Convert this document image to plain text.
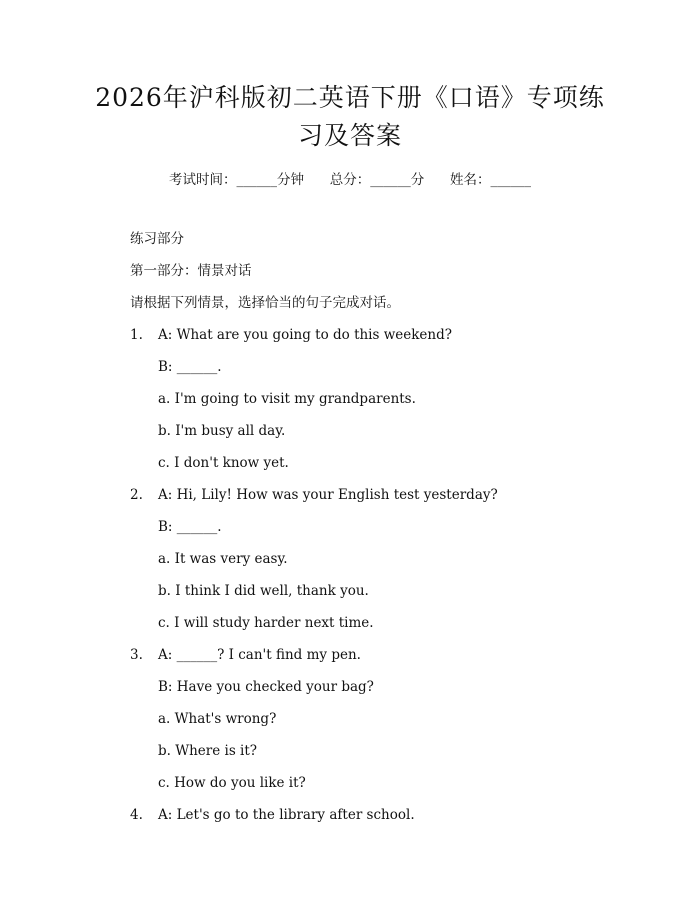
2026年沪科版初二英语下册《口语》专项练
习及答案
考试时间：______分钟 总分：______分 姓名：______
练习部分
第一部分：情景对话
请根据下列情景，选择恰当的句子完成对话。
1. A: What are you going to do this weekend?
B: ______.
a. I'm going to visit my grandparents.
b. I'm busy all day.
c. I don't know yet.
2. A: Hi, Lily! How was your English test yesterday?
B: ______.
a. It was very easy.
b. I think I did well, thank you.
c. I will study harder next time.
3. A: ______? I can't find my pen.
B: Have you checked your bag?
a. What's wrong?
b. Where is it?
c. How do you like it?
4. A: Let's go to the library after school.
